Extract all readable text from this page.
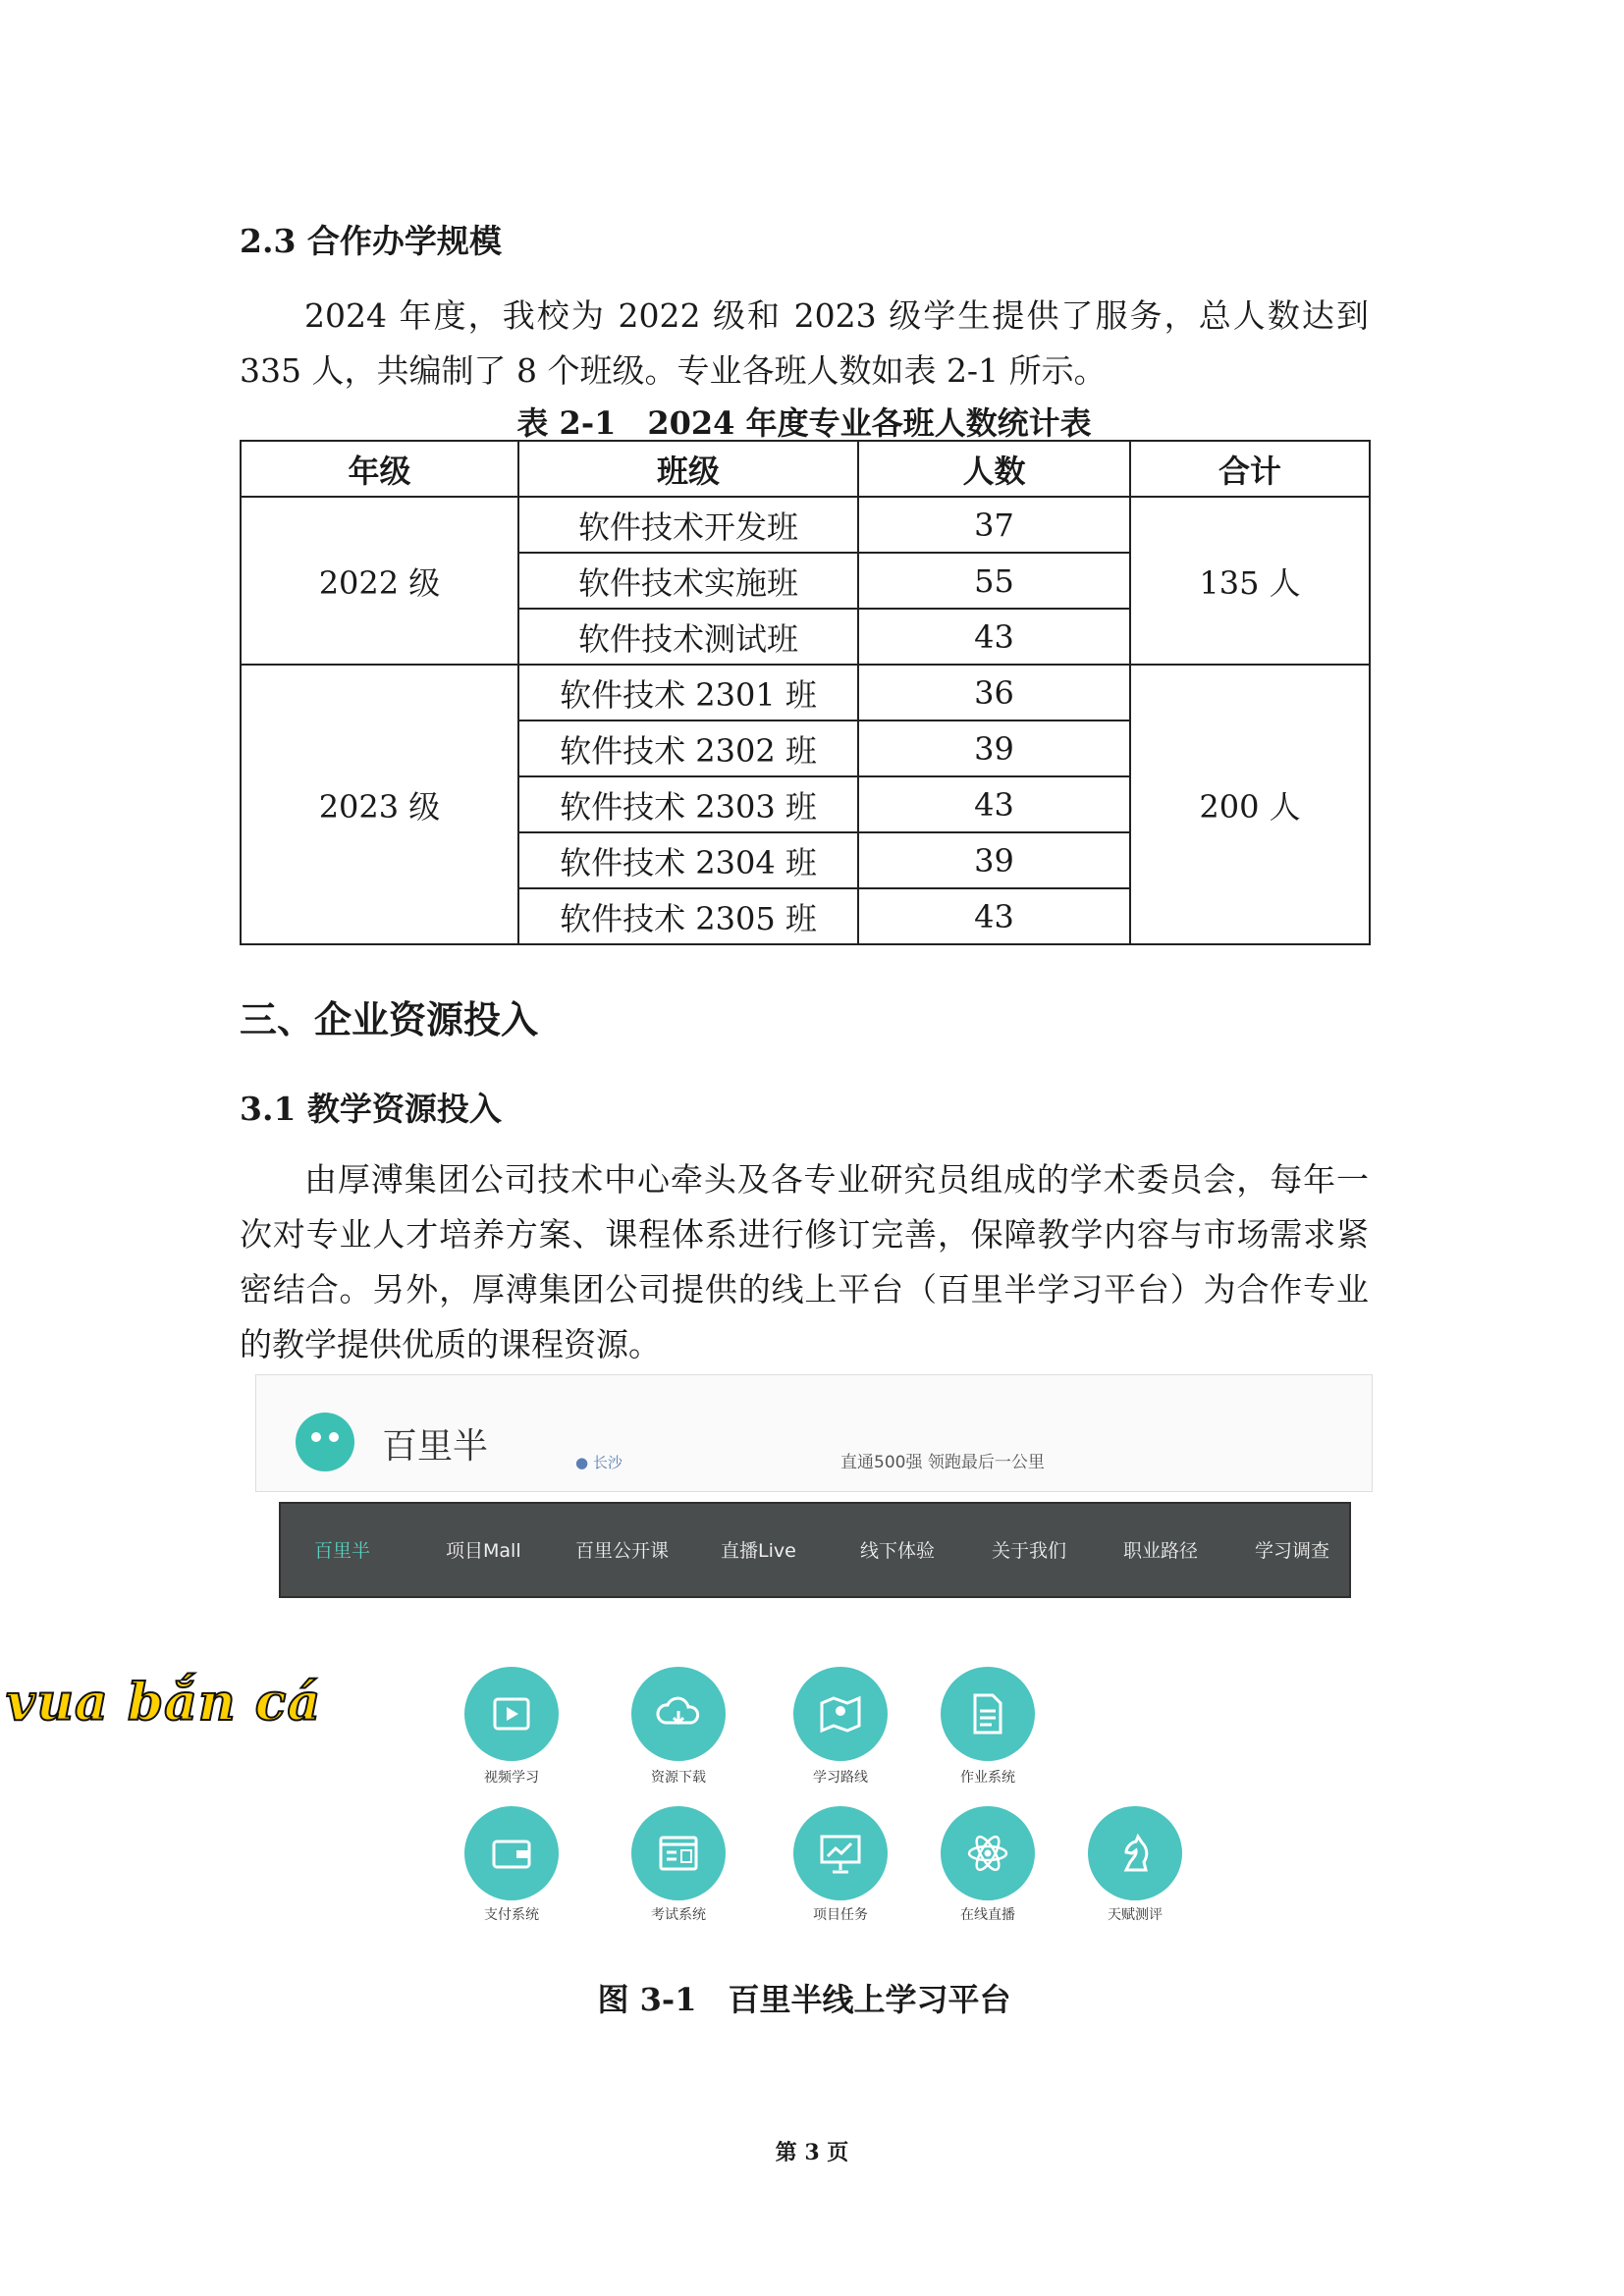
2.3 合作办学规模

2024 年度，我校为 2022 级和 2023 级学生提供了服务，总人数达到 335 人，共编制了 8 个班级。专业各班人数如表 2-1 所示。

表 2-1　2024 年度专业各班人数统计表
年级	班级	人数	合计
2022 级	软件技术开发班	37	135 人
	软件技术实施班	55	
	软件技术测试班	43	
2023 级	软件技术 2301 班	36	200 人
	软件技术 2302 班	39	
	软件技术 2303 班	43	
	软件技术 2304 班	39	
	软件技术 2305 班	43	
三、企业资源投入
3.1 教学资源投入

由厚溥集团公司技术中心牵头及各专业研究员组成的学术委员会，每年一次对专业人才培养方案、课程体系进行修订完善，保障教学内容与市场需求紧密结合。另外，厚溥集团公司提供的线上平台（百里半学习平台）为合作专业的教学提供优质的课程资源。

百里半	● 长沙	直通500强 领跑最后一公里
百里半	项目Mall	百里公开课	直播Live	线下体验	关于我们	职业路径	学习调查
视频学习	资源下载	学习路线	作业系统
支付系统	考试系统	项目任务	在线直播	天赋测评
图 3-1　百里半线上学习平台
vua bắn cá
第 3 页
